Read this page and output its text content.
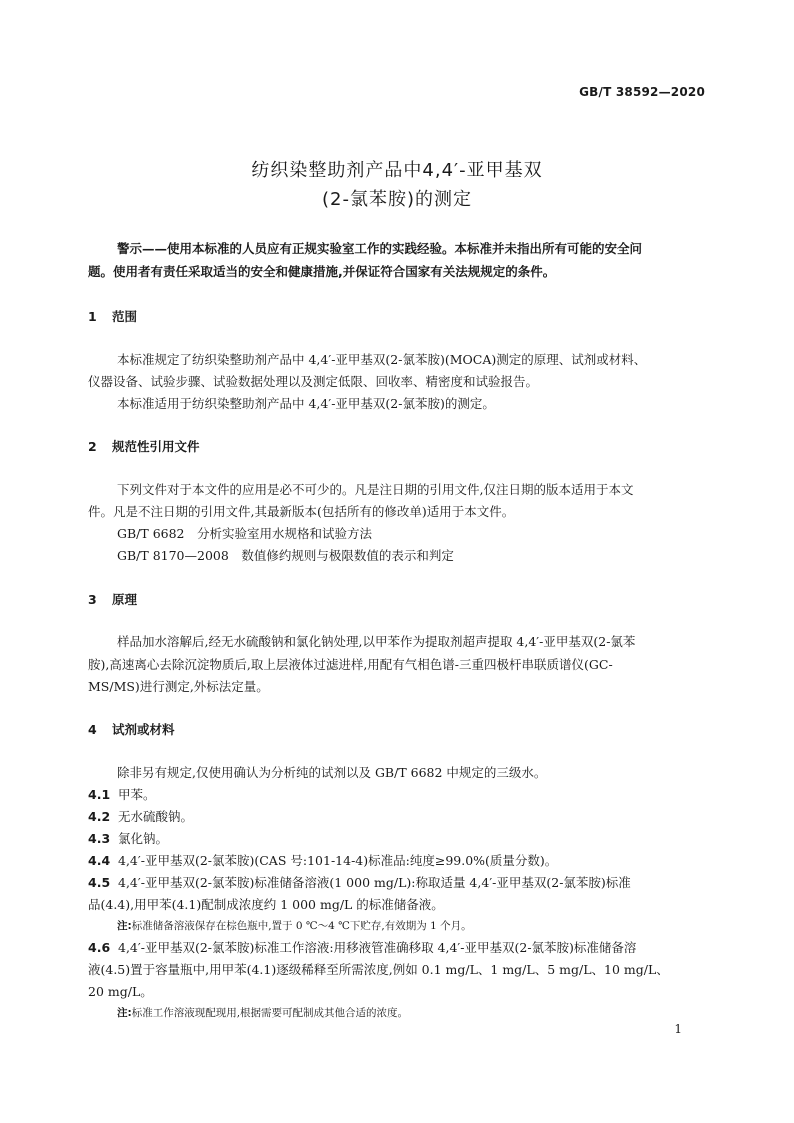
GB/T 38592—2020
纺织染整助剂产品中4,4′-亚甲基双
(2-氯苯胺)的测定
警示——使用本标准的人员应有正规实验室工作的实践经验。本标准并未指出所有可能的安全问
题。使用者有责任采取适当的安全和健康措施,并保证符合国家有关法规规定的条件。
1 范围
本标准规定了纺织染整助剂产品中 4,4′-亚甲基双(2-氯苯胺)(MOCA)测定的原理、试剂或材料、
仪器设备、试验步骤、试验数据处理以及测定低限、回收率、精密度和试验报告。
本标准适用于纺织染整助剂产品中 4,4′-亚甲基双(2-氯苯胺)的测定。
2 规范性引用文件
下列文件对于本文件的应用是必不可少的。凡是注日期的引用文件,仅注日期的版本适用于本文
件。凡是不注日期的引用文件,其最新版本(包括所有的修改单)适用于本文件。
GB/T 6682　分析实验室用水规格和试验方法
GB/T 8170—2008　数值修约规则与极限数值的表示和判定
3 原理
样品加水溶解后,经无水硫酸钠和氯化钠处理,以甲苯作为提取剂超声提取 4,4′-亚甲基双(2-氯苯
胺),高速离心去除沉淀物质后,取上层液体过滤进样,用配有气相色谱-三重四极杆串联质谱仪(GC-
MS/MS)进行测定,外标法定量。
4 试剂或材料
除非另有规定,仅使用确认为分析纯的试剂以及 GB/T 6682 中规定的三级水。
4.1 甲苯。
4.2 无水硫酸钠。
4.3 氯化钠。
4.4 4,4′-亚甲基双(2-氯苯胺)(CAS 号:101-14-4)标准品:纯度≥99.0%(质量分数)。
4.5 4,4′-亚甲基双(2-氯苯胺)标准储备溶液(1 000 mg/L):称取适量 4,4′-亚甲基双(2-氯苯胺)标准
品(4.4),用甲苯(4.1)配制成浓度约 1 000 mg/L 的标准储备液。
注:标准储备溶液保存在棕色瓶中,置于 0 ℃～4 ℃下贮存,有效期为 1 个月。
4.6 4,4′-亚甲基双(2-氯苯胺)标准工作溶液:用移液管准确移取 4,4′-亚甲基双(2-氯苯胺)标准储备溶
液(4.5)置于容量瓶中,用甲苯(4.1)逐级稀释至所需浓度,例如 0.1 mg/L、1 mg/L、5 mg/L、10 mg/L、
20 mg/L。
注:标准工作溶液现配现用,根据需要可配制成其他合适的浓度。
1
